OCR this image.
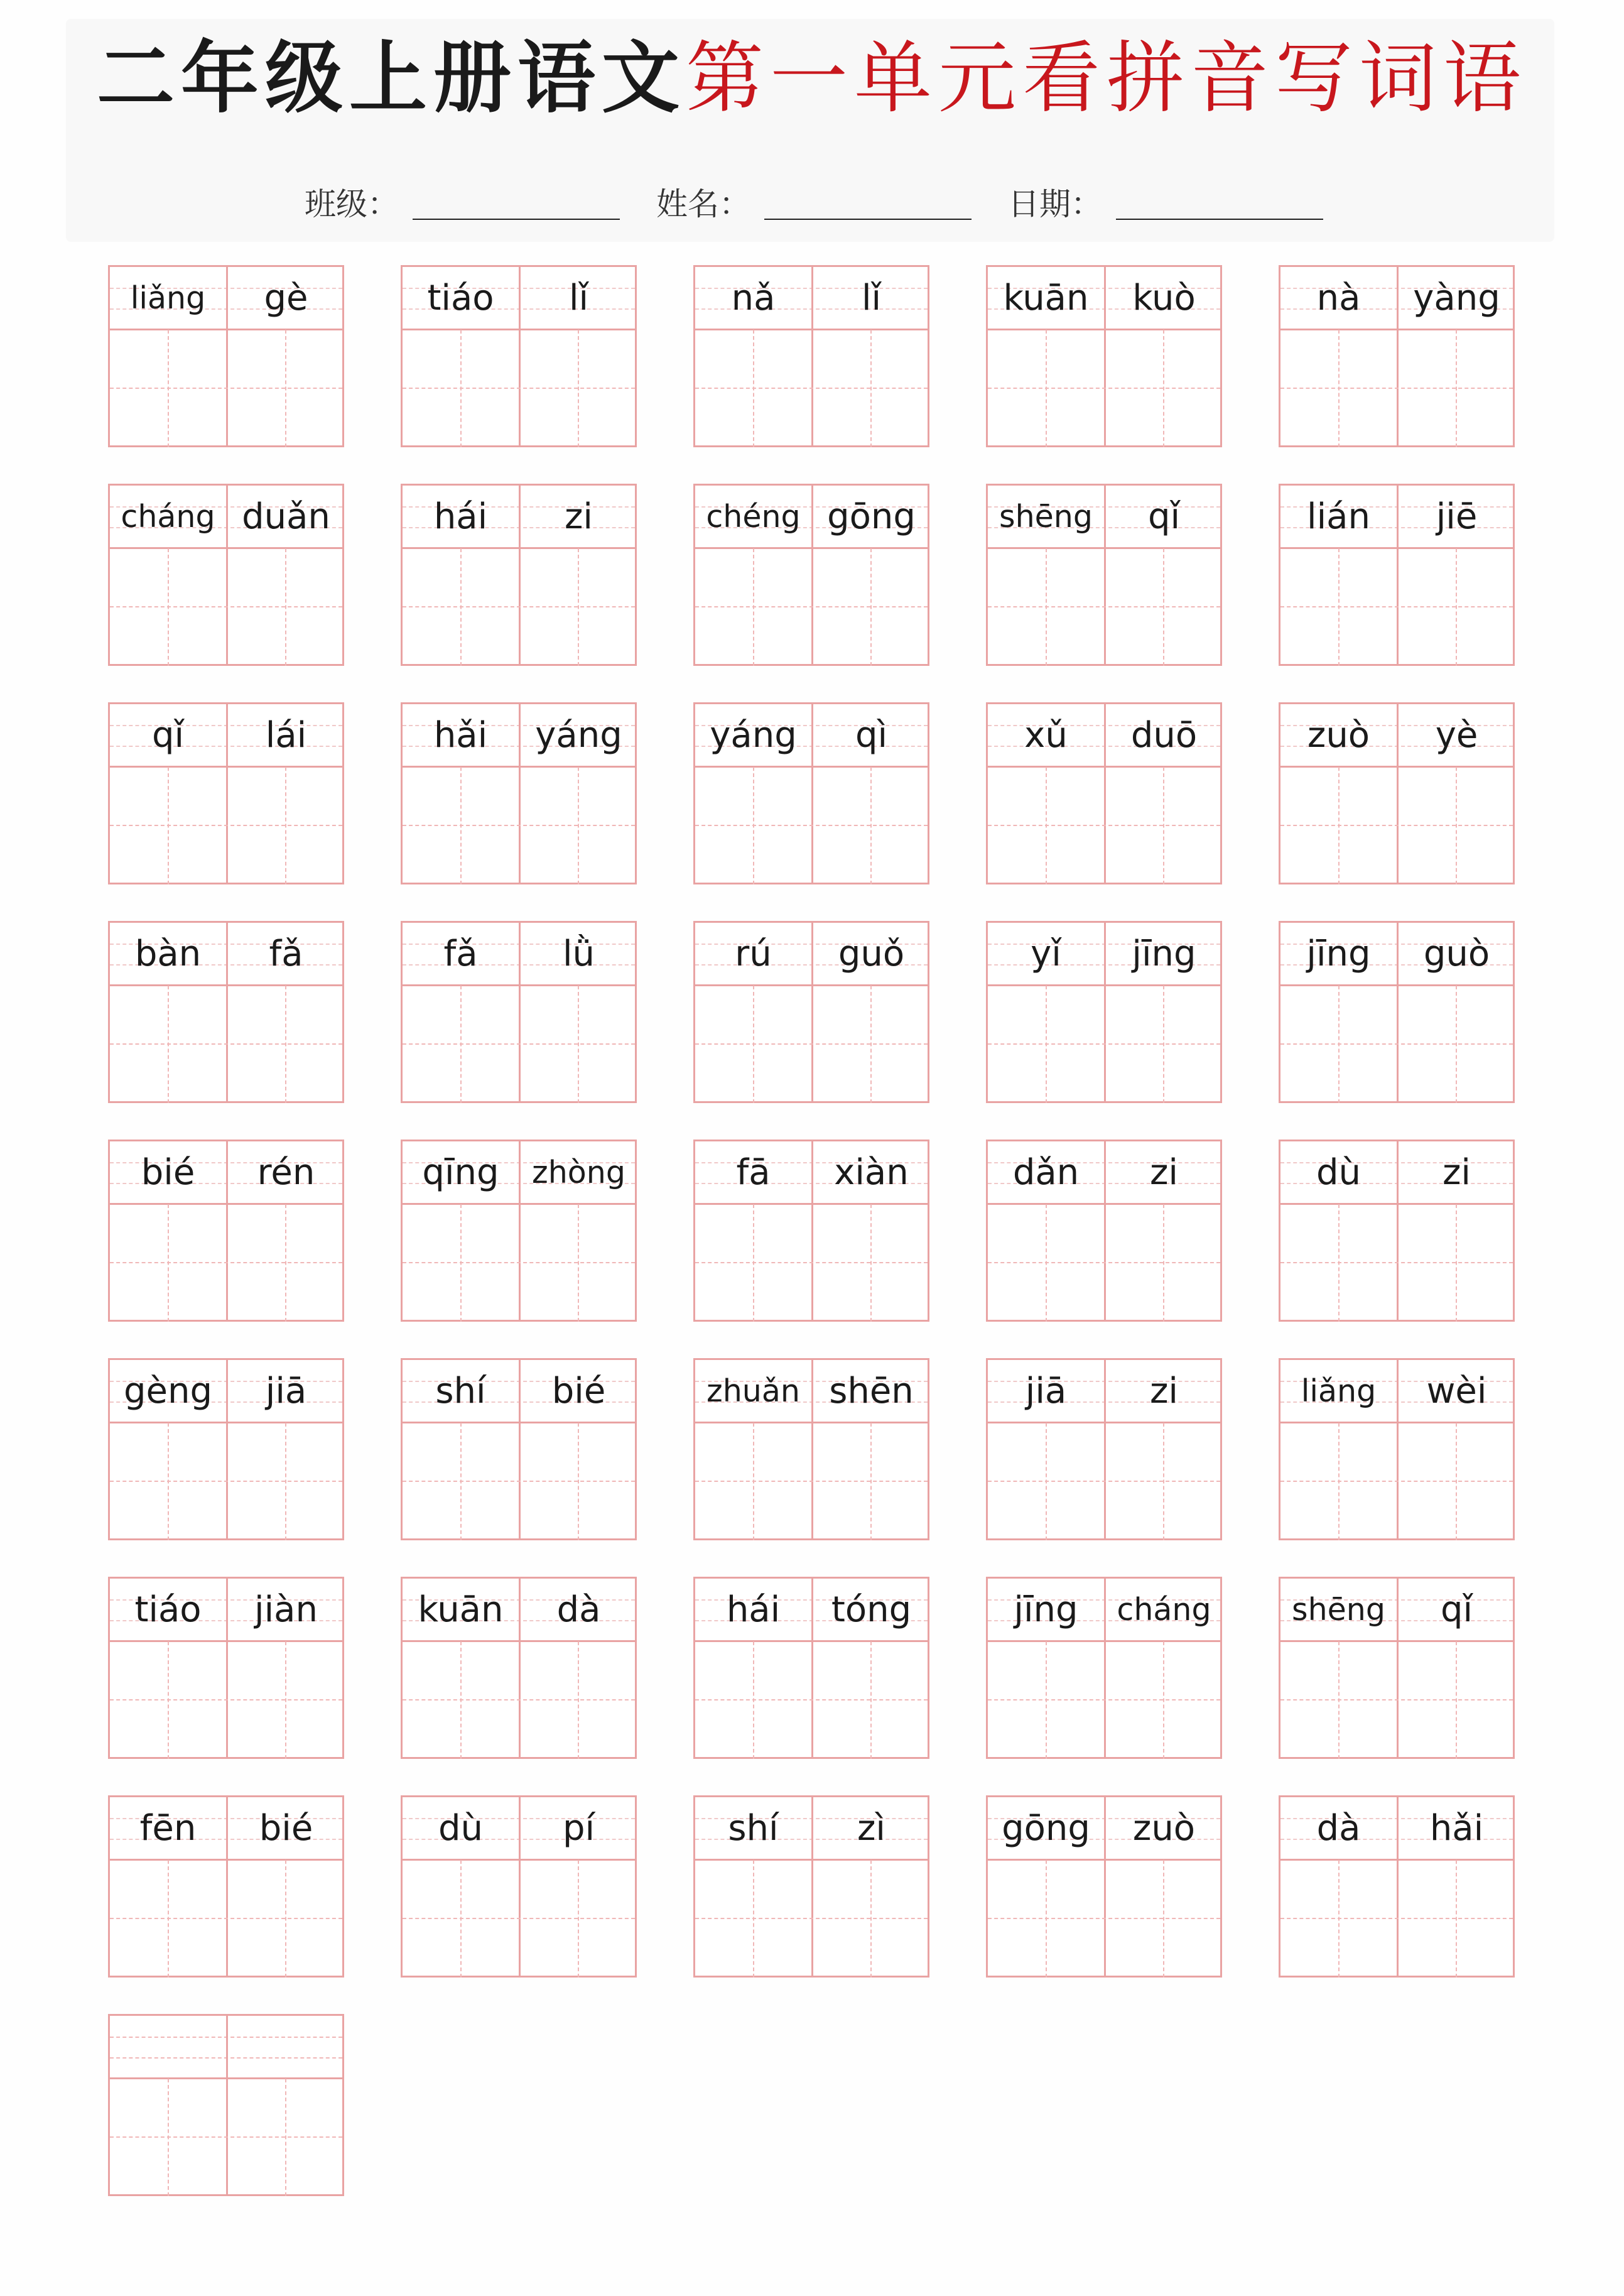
二年级上册语文第一单元看拼音写词语
班级：	姓名：	日期：
liǎng	gè	tiáo	lǐ	nǎ	lǐ	kuān	kuò	nà	yàng
cháng duǎn	hái	zi	chéng gōng	shēng	qǐ	lián	jiē
qǐ	lái	hǎi	yáng	yáng	qì	xǔ	duō	zuò	yè
bàn	fǎ	fǎ	lǜ	rú	guǒ	yǐ	jīng	jīng	guò
bié	rén	qīng	zhòng	fā	xiàn	dǎn	zi	dù	zi
gèng	jiā	shí	bié	zhuǎn shēn	jiā	zi	liǎng	wèi
tiáo	jiàn	kuān	dà	hái	tóng	jīng	cháng	shēng	qǐ
fēn	bié	dù	pí	shí	zì	gōng	zuò	dà	hǎi
